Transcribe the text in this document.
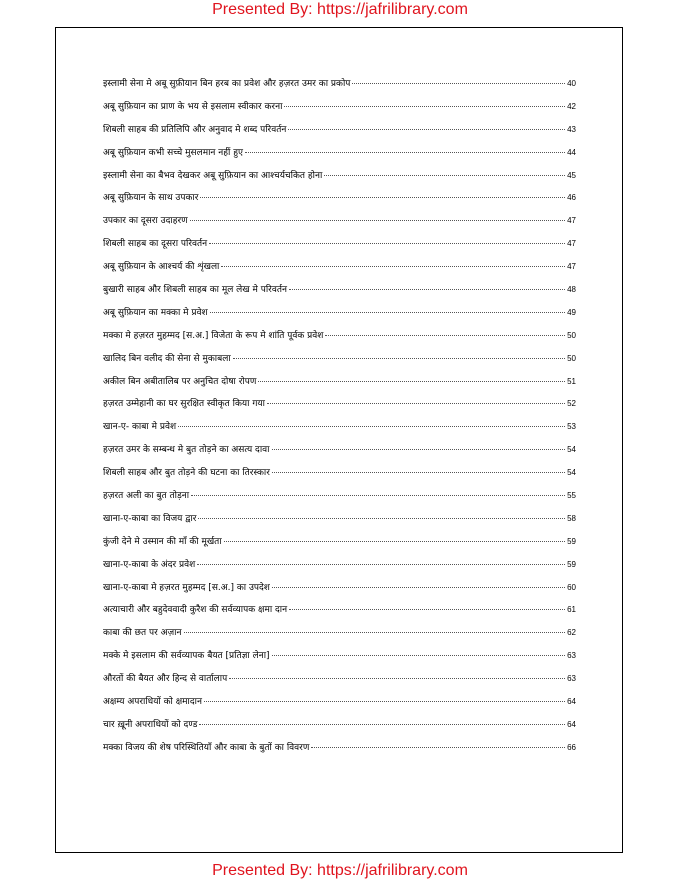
Presented By: https://jafrilibrary.com
इस्लामी सेना मे अबू सुफ़ीयान बिन हरब का प्रवेश और हज़रत उमर का प्रकोप	40
अबू सुफ़ियान का प्राण के भय से इसलाम स्वीकार करना	42
शिबली साहब की प्रतिलिपि और अनुवाद मे शब्द परिवर्तन	43
अबू सुफ़ियान कभी सच्चे मुसलमान नहीं हुए	44
इस्लामी सेना का बैभव देखकर अबू सुफ़ियान का आश्चर्यचकित होना	45
अबू सुफ़ियान के साथ उपकार	46
उपकार का दूसरा उदाहरण	47
शिबली साहब का दूसरा परिवर्तन	47
अबू सुफ़ियान के आश्चर्य की शृंखला	47
बुखारी साहब और शिबली साहब का मूल लेख मे परिवर्तन	48
अबू सुफ़ियान का मक्का मे प्रवेश	49
मक्का मे हज़रत मुहम्मद [स.अ.] विजेता के रूप मे शांति पूर्वक प्रवेश	50
खालिद बिन वलीद की सेना से मुकाबला	50
अकील बिन अबीतालिब पर अनुचित दोषा रोपण	51
हज़रत उम्मेहानी का घर सुरक्षित स्वीकृत किया गया	52
खान-ए- काबा मे प्रवेश	53
हज़रत उमर के सम्बन्ध मे बुत तोड़ने का असत्य दावा	54
शिबली साहब और बुत तोड़ने की घटना का तिरस्कार	54
हज़रत अली का बुत तोड़ना	55
खाना-ए-काबा का विजय द्वार	58
कुंजी देने मे उस्मान की माँ की मूर्खता	59
खाना-ए-काबा के अंदर प्रवेश	59
खाना-ए-काबा मे हज़रत मुहम्मद [स.अ.] का उपदेश	60
अत्याचारी और बहुदेववादी कुरैश की सर्वव्यापक क्षमा दान	61
काबा की छत पर अज़ान	62
मक्के मे इसलाम की सर्वव्यापक बैयत [प्रतिज्ञा लेना]	63
औरतों की बैयत और हिन्द से वार्तालाप	63
अक्षम्य अपराधियों को क्षमादान	64
चार ख़ूनी अपराधियों को दण्ड	64
मक्का विजय की शेष परिस्थितियाँ और काबा के बुतों का विवरण	66
Presented By: https://jafrilibrary.com
